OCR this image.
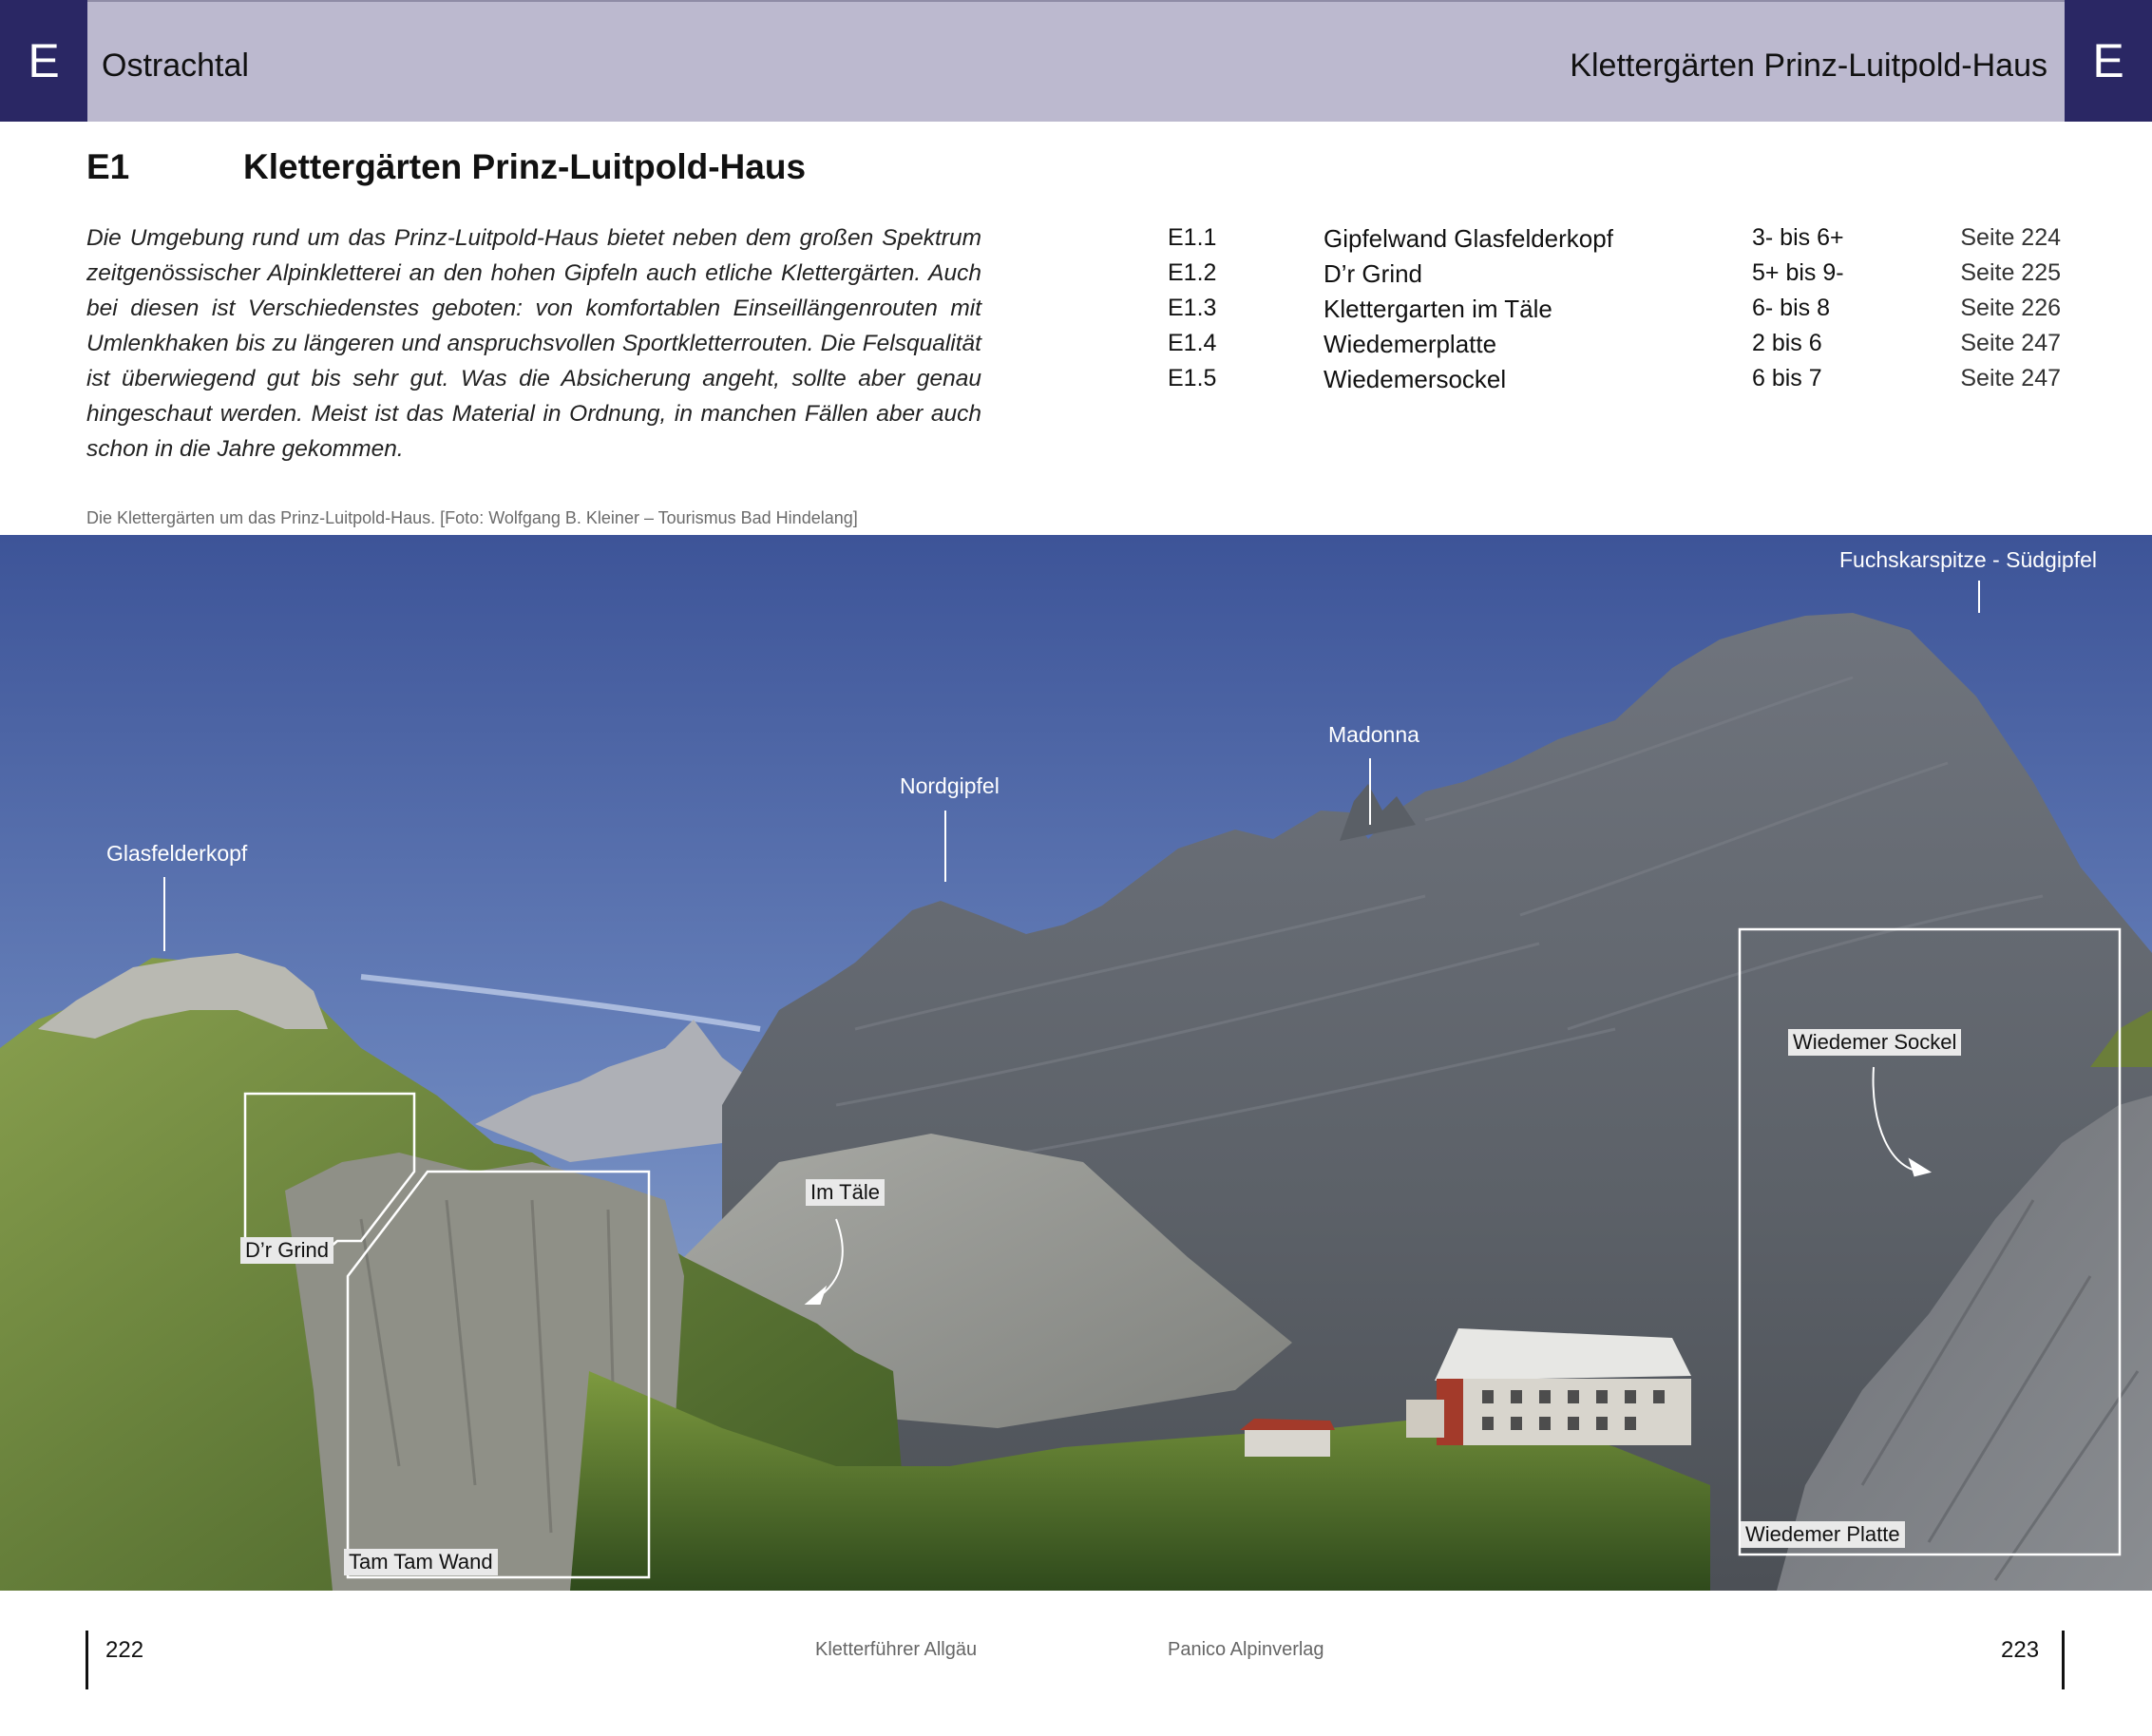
E	E
Ostrachtal	Klettergärten Prinz-Luitpold-Haus
E1	Klettergärten Prinz-Luitpold-Haus

Die Umgebung rund um das Prinz-Luitpold-Haus bietet neben dem großen Spektrum zeitgenössischer Alpinkletterei an den hohen Gipfeln auch etliche Klettergärten. Auch bei diesen ist Verschiedenstes geboten: von komfortablen Einseillängenrouten mit Umlenkhaken bis zu längeren und anspruchsvollen Sportkletterrouten. Die Felsqualität ist überwiegend gut bis sehr gut. Was die Absicherung angeht, sollte aber genau hingeschaut werden. Meist ist das Material in Ordnung, in manchen Fällen aber auch schon in die Jahre gekommen.

E1.1	Gipfelwand Glasfelderkopf	3- bis 6+	Seite 224
E1.2	D’r Grind	5+ bis 9-	Seite 225
E1.3	Klettergarten im Täle	6- bis 8	Seite 226
E1.4	Wiedemerplatte	2 bis 6	Seite 247
E1.5	Wiedemersockel	6 bis 7	Seite 247
Die Klettergärten um das Prinz-Luitpold-Haus. [Foto: Wolfgang B. Kleiner – Tourismus Bad Hindelang]
Glasfelderkopf
Nordgipfel
Madonna
Fuchskarspitze - Südgipfel
D’r Grind
Tam Tam Wand
Im Täle
Wiedemer Sockel
Wiedemer Platte
222	Kletterführer Allgäu	Panico Alpinverlag	223
